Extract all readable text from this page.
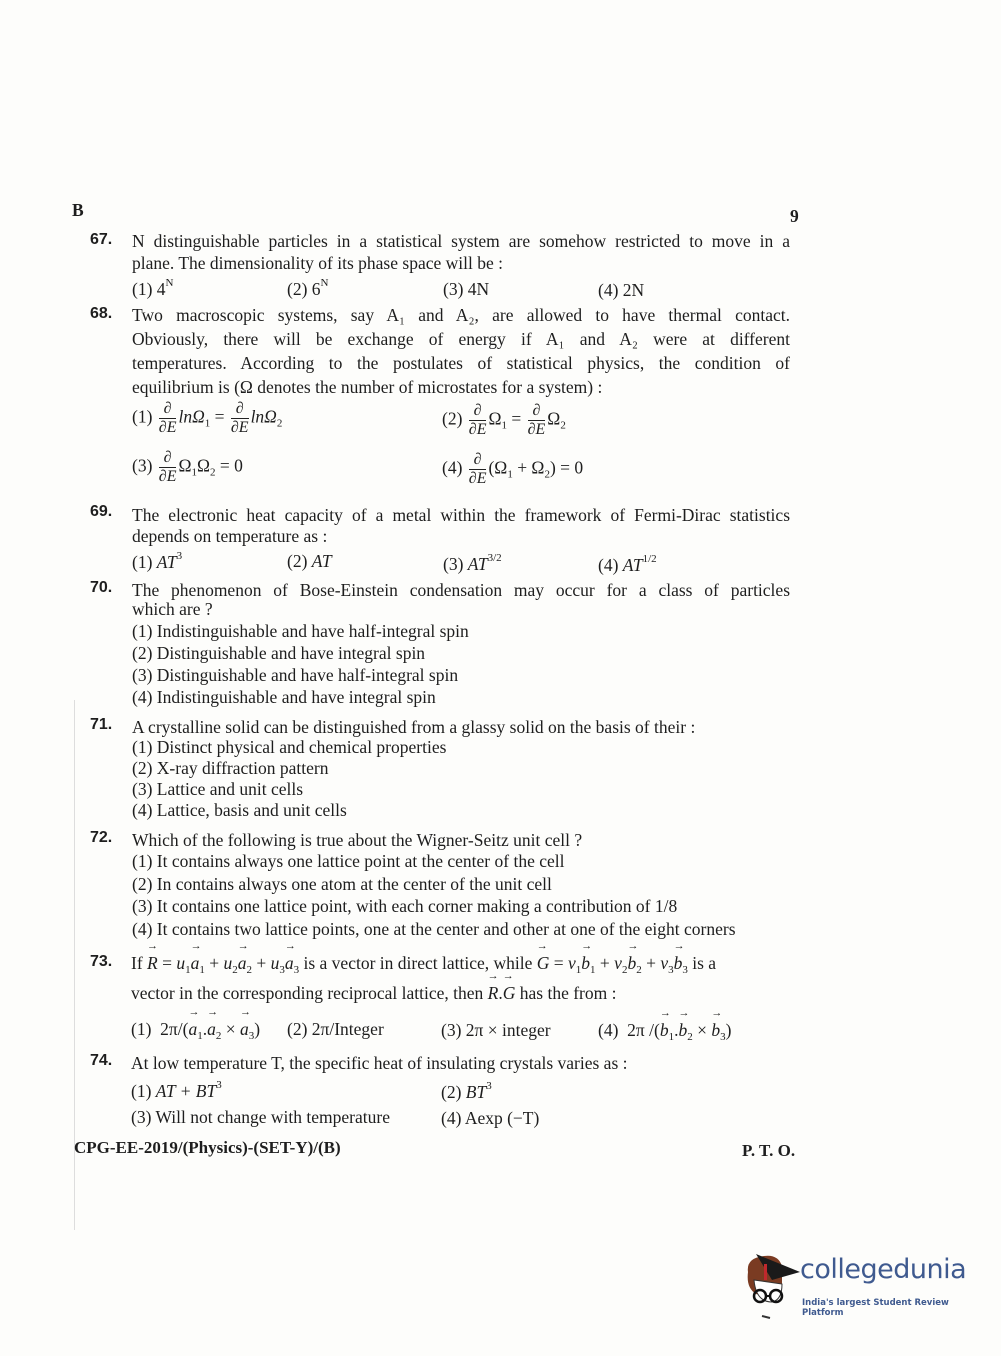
B	9
67. N distinguishable particles in a statistical system are somehow restricted to move in a
plane. The dimensionality of its phase space will be :
(1) $4^N$	(2) $6^N$	(3) 4N	(4) 2N
68. Two macroscopic systems, say A₁ and A₂, are allowed to have thermal contact.
Obviously, there will be exchange of energy if A₁ and A₂ were at different
temperatures. According to the postulates of statistical physics, the condition of
equilibrium is (Ω denotes the number of microstates for a system) :
$(1) \frac{\partial}{\partial E} \ln\Omega_1 = \frac{\partial}{\partial E} \ln\Omega_2$	$(2) \frac{\partial}{\partial E} \Omega_1 = \frac{\partial}{\partial E} \Omega_2$
$(3) \frac{\partial}{\partial E} \Omega_1\Omega_2 = 0$	$(4) \frac{\partial}{\partial E} (\Omega_1 + \Omega_2) = 0$
69. The electronic heat capacity of a metal within the framework of Fermi-Dirac statistics
depends on temperature as :
(1) $AT^3$	(2) AT	(3) $AT^{3/2}$	(4) $AT^{1/2}$
70. The phenomenon of Bose-Einstein condensation may occur for a class of particles
which are ?
(1) Indistinguishable and have half-integral spin
(2) Distinguishable and have integral spin
(3) Distinguishable and have half-integral spin
(4) Indistinguishable and have integral spin
71. A crystalline solid can be distinguished from a glassy solid on the basis of their :
(1) Distinct physical and chemical properties
(2) X-ray diffraction pattern
(3) Lattice and unit cells
(4) Lattice, basis and unit cells
72. Which of the following is true about the Wigner-Seitz unit cell ?
(1) It contains always one lattice point at the center of the cell
(2) In contains always one atom at the center of the unit cell
(3) It contains one lattice point, with each corner making a contribution of 1/8
(4) It contains two lattice points, one at the center and other at one of the eight corners
73. $If \to R = u_1\to a_1 + u_2\to a_2 + u_3\to a_3$ is a vector in direct lattice, while → $G = v_1\to b_1 + v_2\to b_2 + v_3\to b_3$ is a
vector in the corresponding reciprocal lattice, then → R.→ G has the from :
(1) $2\pi/(\to a_1.\to a_2$ × → $a_3$) (2) 2π/Integer	(3) 2π × integer	(4) 2π /(→ $b_1.\to b_2$ × → $b_3$)
74. At low temperature T, the specific heat of insulating crystals varies as :
(1) AT + $BT^3$	(2) $BT^3$
(3) Will not change with temperature	(4) Aexp (−T)
CPG-EE-2019/(Physics)-(SET-Y)/(B)	P. T. O.
collegedunia
India's largest Student Review Platform
